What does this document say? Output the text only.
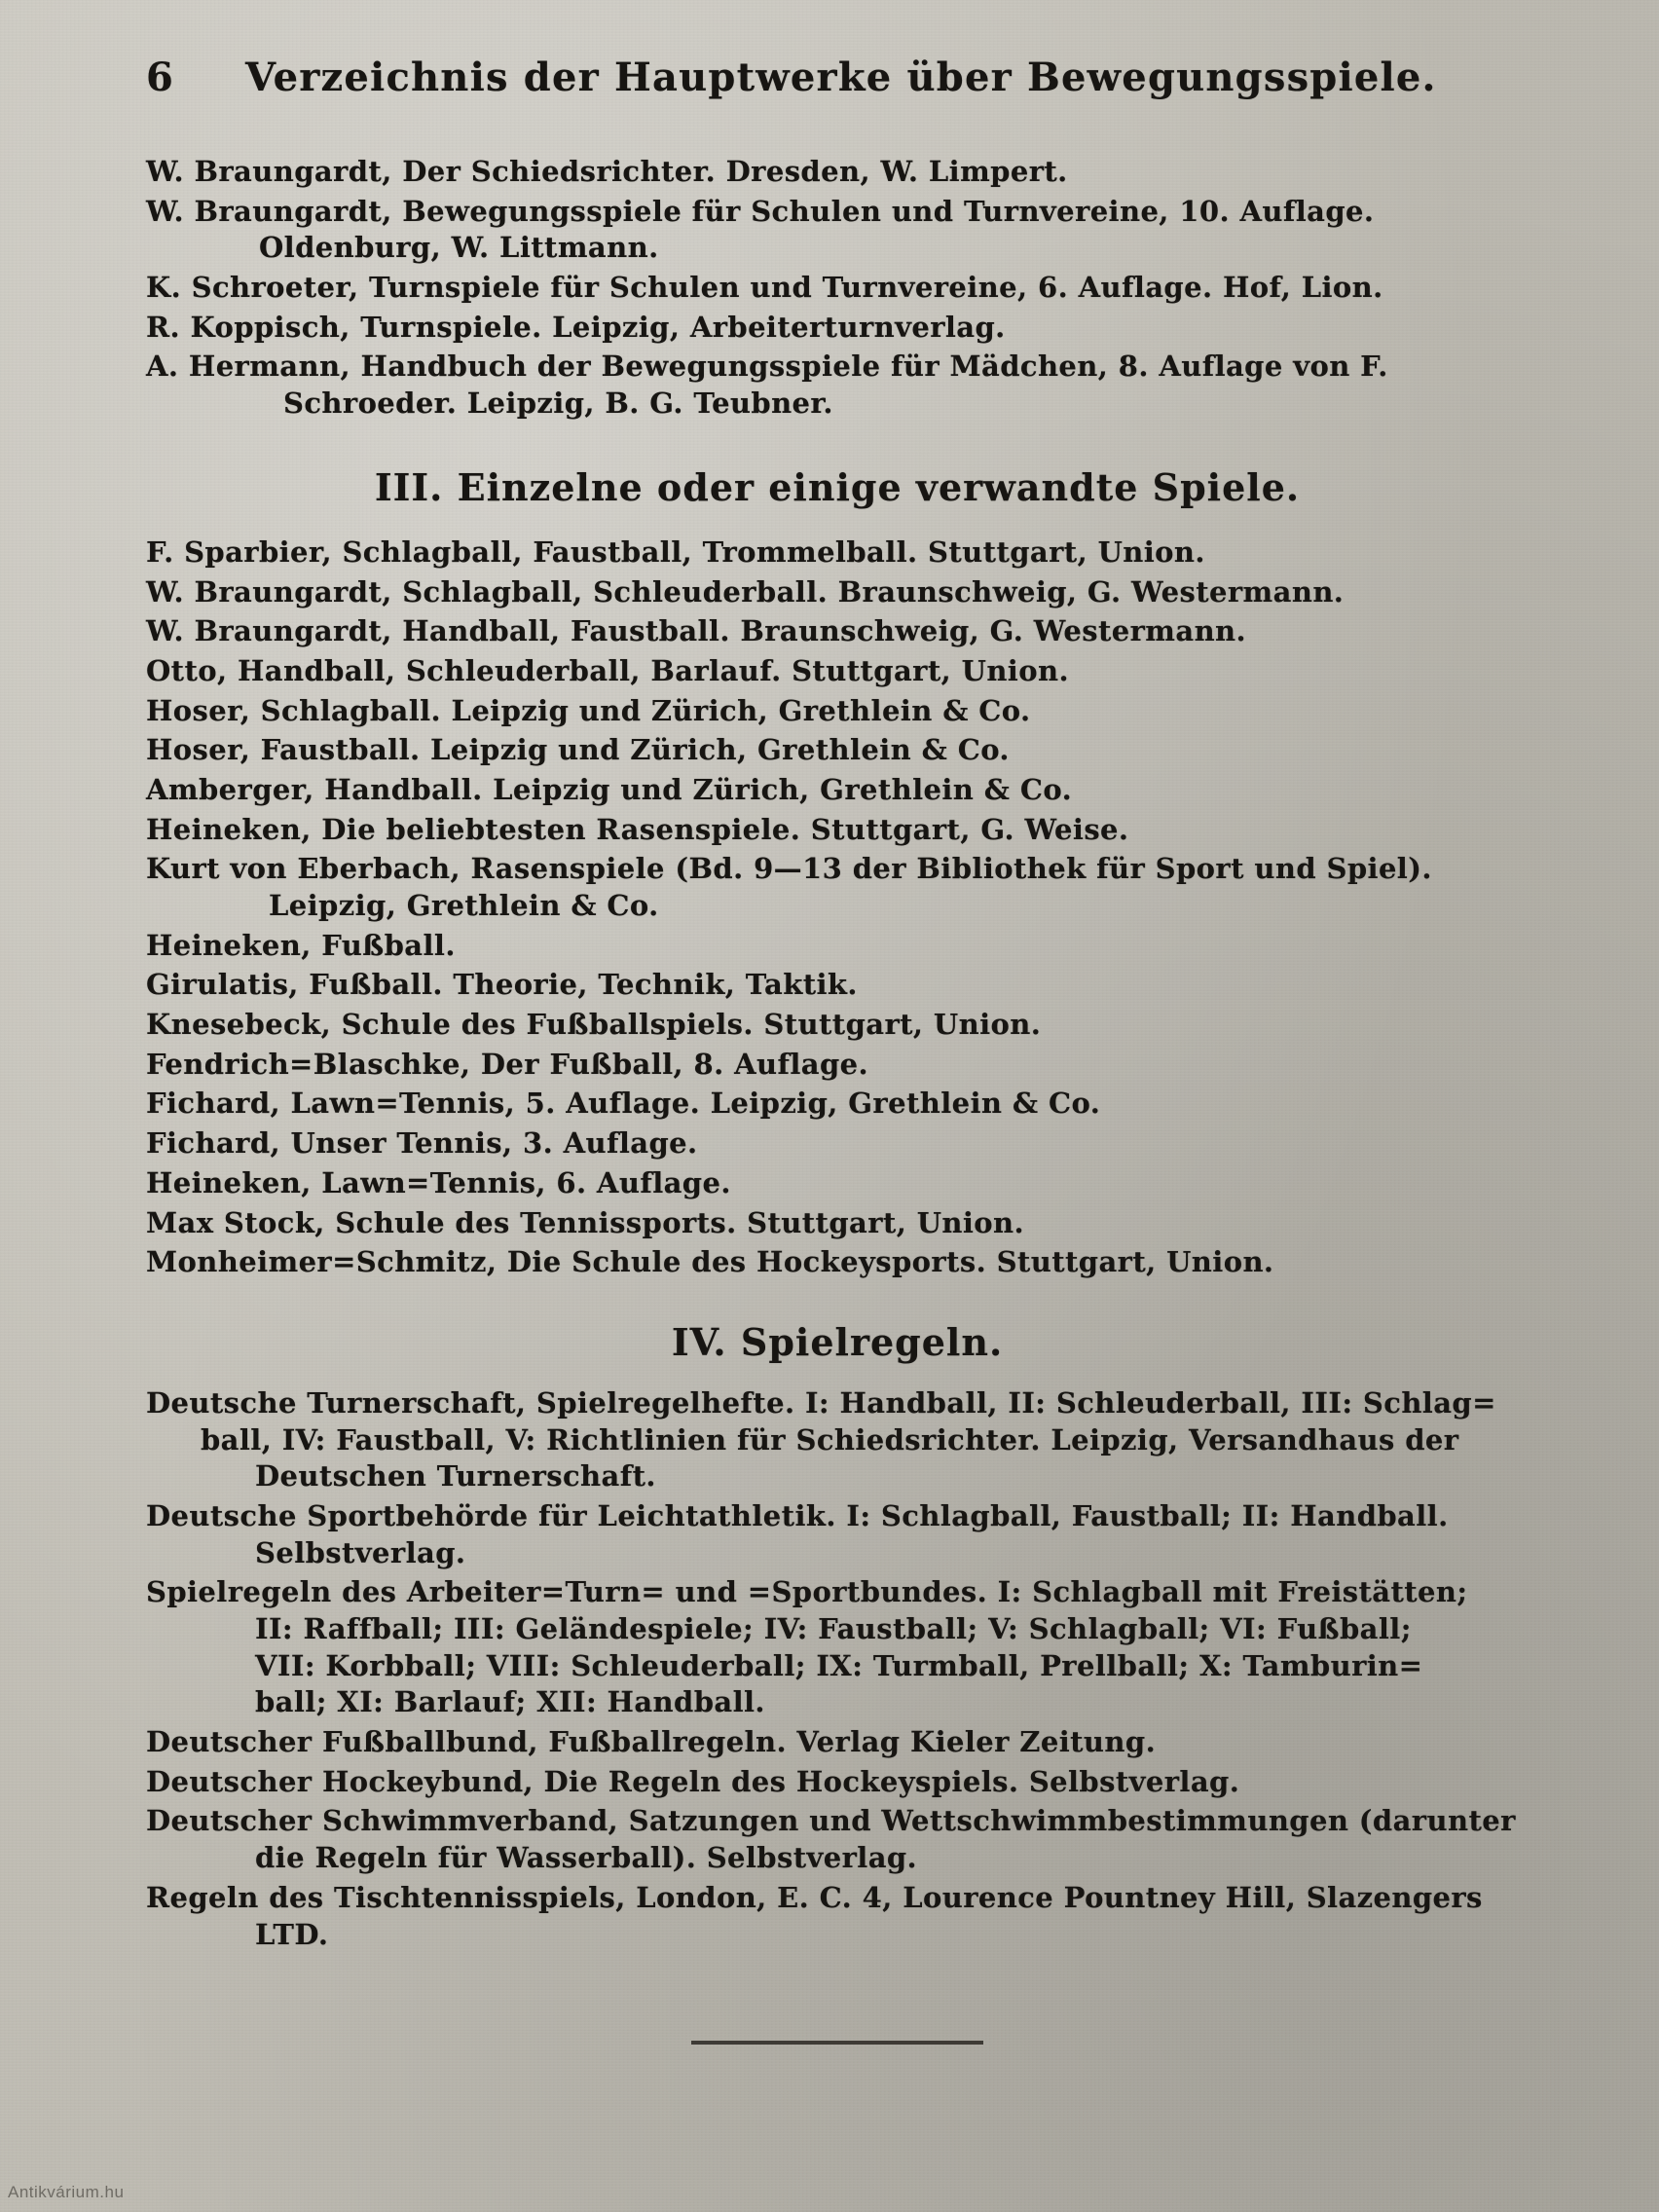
6	Verzeichnis der Hauptwerke über Bewegungsspiele.

W. Braungardt, Der Schiedsrichter. Dresden, W. Limpert.

W. Braungardt, Bewegungsspiele für Schulen und Turnvereine, 10. Auflage.
Oldenburg, W. Littmann.

K. Schroeter, Turnspiele für Schulen und Turnvereine, 6. Auflage. Hof, Lion.

R. Koppisch, Turnspiele. Leipzig, Arbeiterturnverlag.

A. Hermann, Handbuch der Bewegungsspiele für Mädchen, 8. Auflage von F.
Schroeder. Leipzig, B. G. Teubner.

III. Einzelne oder einige verwandte Spiele.

F. Sparbier, Schlagball, Faustball, Trommelball. Stuttgart, Union.

W. Braungardt, Schlagball, Schleuderball. Braunschweig, G. Westermann.

W. Braungardt, Handball, Faustball. Braunschweig, G. Westermann.

Otto, Handball, Schleuderball, Barlauf. Stuttgart, Union.

Hoser, Schlagball. Leipzig und Zürich, Grethlein & Co.

Hoser, Faustball. Leipzig und Zürich, Grethlein & Co.

Amberger, Handball. Leipzig und Zürich, Grethlein & Co.

Heineken, Die beliebtesten Rasenspiele. Stuttgart, G. Weise.

Kurt von Eberbach, Rasenspiele (Bd. 9—13 der Bibliothek für Sport und Spiel).
Leipzig, Grethlein & Co.

Heineken, Fußball.

Girulatis, Fußball. Theorie, Technik, Taktik.

Knesebeck, Schule des Fußballspiels. Stuttgart, Union.

Fendrich=Blaschke, Der Fußball, 8. Auflage.

Fichard, Lawn=Tennis, 5. Auflage. Leipzig, Grethlein & Co.

Fichard, Unser Tennis, 3. Auflage.

Heineken, Lawn=Tennis, 6. Auflage.

Max Stock, Schule des Tennissports. Stuttgart, Union.

Monheimer=Schmitz, Die Schule des Hockeysports. Stuttgart, Union.

IV. Spielregeln.

Deutsche Turnerschaft, Spielregelhefte. I: Handball, II: Schleuderball, III: Schlag=
ball, IV: Faustball, V: Richtlinien für Schiedsrichter. Leipzig, Versandhaus der
Deutschen Turnerschaft.

Deutsche Sportbehörde für Leichtathletik. I: Schlagball, Faustball; II: Handball.
Selbstverlag.

Spielregeln des Arbeiter=Turn= und =Sportbundes. I: Schlagball mit Freistätten;
II: Raffball; III: Geländespiele; IV: Faustball; V: Schlagball; VI: Fußball;
VII: Korbball; VIII: Schleuderball; IX: Turmball, Prellball; X: Tamburin=
ball; XI: Barlauf; XII: Handball.

Deutscher Fußballbund, Fußballregeln. Verlag Kieler Zeitung.

Deutscher Hockeybund, Die Regeln des Hockeyspiels. Selbstverlag.

Deutscher Schwimmverband, Satzungen und Wettschwimmbestimmungen (darunter
die Regeln für Wasserball). Selbstverlag.

Regeln des Tischtennisspiels, London, E. C. 4, Lourence Pountney Hill, Slazengers
LTD.

Antikvárium.hu
